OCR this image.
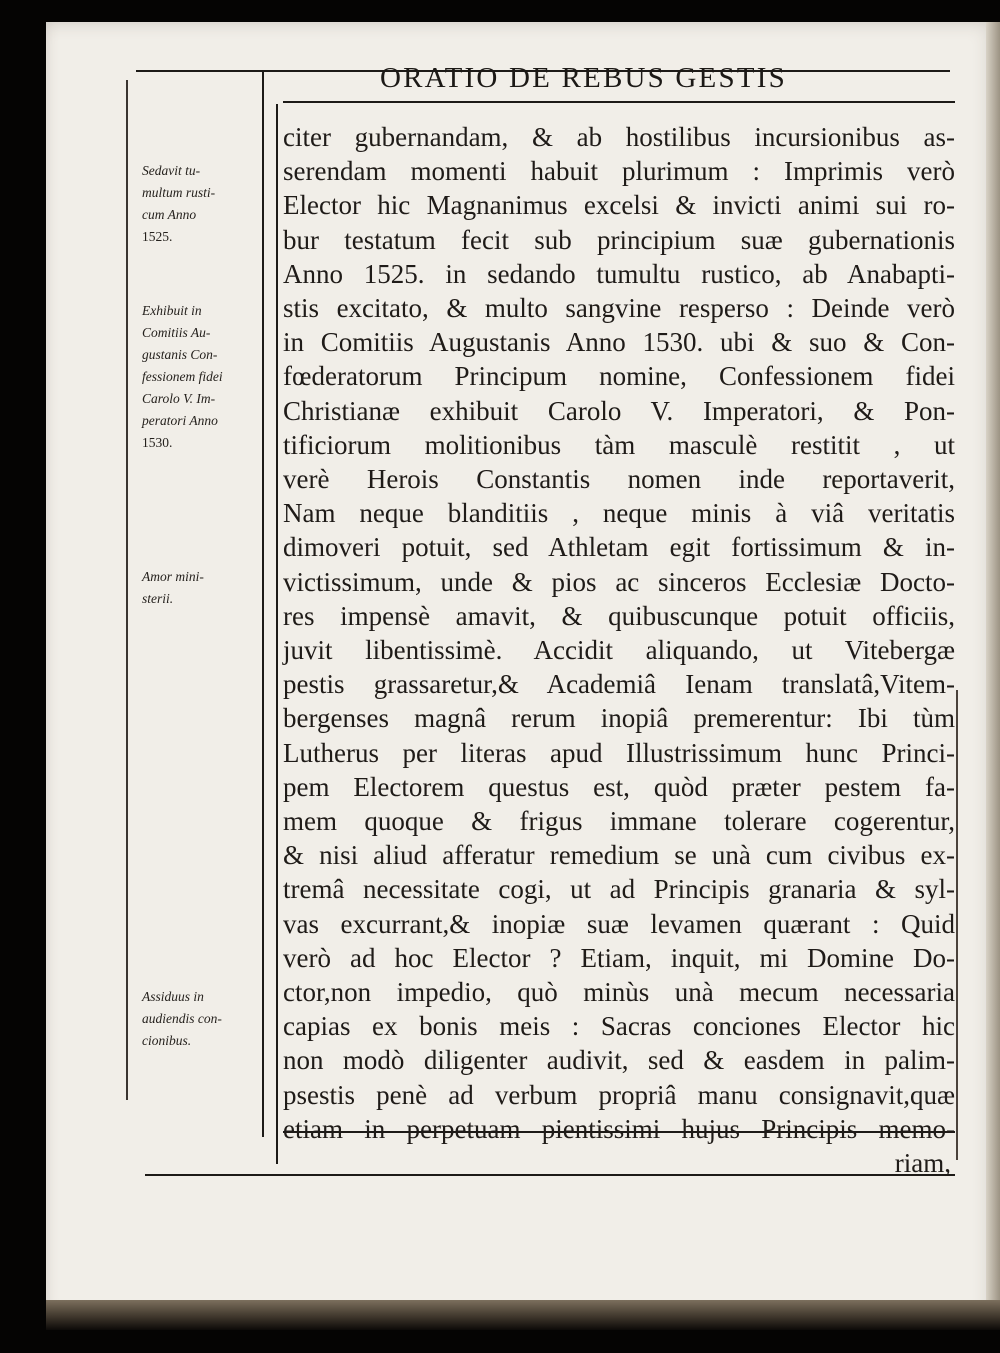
ORATIO DE REBUS GESTIS
Sedavit tu-
multum rusti-
cum Anno
1525.
Exhibuit in
Comitiis Au-
gustanis Con-
fessionem fidei
Carolo V. Im-
peratori Anno
1530.
Amor mini-
sterii.
Assiduus in
audiendis con-
cionibus.
citer gubernandam, & ab hostilibus incursionibus as-
serendam momenti habuit plurimum : Imprimis verò
Elector hic Magnanimus excelsi & invicti animi sui ro-
bur testatum fecit sub principium suæ gubernationis
Anno 1525. in sedando tumultu rustico, ab Anabapti-
stis excitato, & multo sangvine resperso : Deinde verò
in Comitiis Augustanis Anno 1530. ubi & suo & Con-
fœderatorum Principum nomine, Confessionem fidei
Christianæ exhibuit Carolo V. Imperatori, & Pon-
tificiorum molitionibus tàm masculè restitit , ut
verè Herois Constantis nomen inde reportaverit,
Nam neque blanditiis , neque minis à viâ veritatis
dimoveri potuit, sed Athletam egit fortissimum & in-
victissimum, unde & pios ac sinceros Ecclesiæ Docto-
res impensè amavit, & quibuscunque potuit officiis,
juvit libentissimè. Accidit aliquando, ut Vitebergæ
pestis grassaretur,& Academiâ Ienam translatâ,Vitem-
bergenses magnâ rerum inopiâ premerentur: Ibi tùm
Lutherus per literas apud Illustrissimum hunc Princi-
pem Electorem questus est, quòd præter pestem fa-
mem quoque & frigus immane tolerare cogerentur,
& nisi aliud afferatur remedium se unà cum civibus ex-
tremâ necessitate cogi, ut ad Principis granaria & syl-
vas excurrant,& inopiæ suæ levamen quærant : Quid
verò ad hoc Elector ? Etiam, inquit, mi Domine Do-
ctor,non impedio, quò minùs unà mecum necessaria
capias ex bonis meis : Sacras conciones Elector hic
non modò diligenter audivit, sed & easdem in palim-
psestis penè ad verbum propriâ manu consignavit,quæ
etiam in perpetuam pientissimi hujus Principis memo-
riam,
